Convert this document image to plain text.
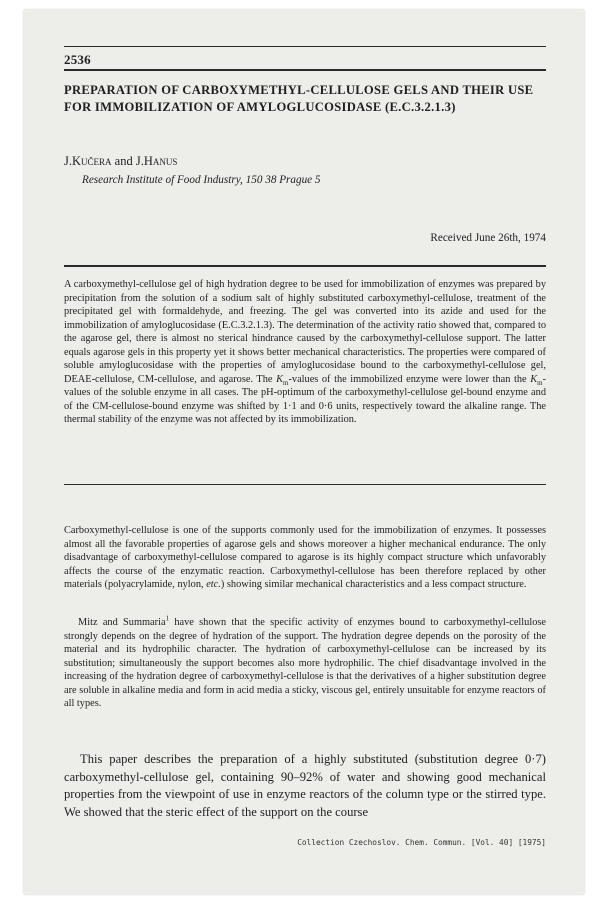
2536
PREPARATION OF CARBOXYMETHYL-CELLULOSE GELS AND THEIR USE FOR IMMOBILIZATION OF AMYLOGLUCOSIDASE (E.C.3.2.1.3)
J.Kučera and J.Hanus
Research Institute of Food Industry, 150 38 Prague 5
Received June 26th, 1974

A carboxymethyl-cellulose gel of high hydration degree to be used for immobilization of enzymes was prepared by precipitation from the solution of a sodium salt of highly substituted carboxymethyl-cellulose, treatment of the precipitated gel with formaldehyde, and freezing. The gel was converted into its azide and used for the immobilization of amyloglucosidase (E.C.3.2.1.3). The determination of the activity ratio showed that, compared to the agarose gel, there is almost no sterical hindrance caused by the carboxymethyl-cellulose support. The latter equals agarose gels in this property yet it shows better mechanical characteristics. The properties were compared of soluble amyloglucosidase with the properties of amyloglucosidase bound to the carboxymethyl-cellulose gel, DEAE-cellulose, CM-cellulose, and agarose. The $K_m$-values of the immobilized enzyme were lower than the $K_m$-values of the soluble enzyme in all cases. The pH-optimum of the carboxymethyl-cellulose gel-bound enzyme and of the CM-cellulose-bound enzyme was shifted by 1·1 and 0·6 units, respectively toward the alkaline range. The thermal stability of the enzyme was not affected by its immobilization.

Carboxymethyl-cellulose is one of the supports commonly used for the immobilization of enzymes. It possesses almost all the favorable properties of agarose gels and shows moreover a higher mechanical endurance. The only disadvantage of carboxymethyl-cellulose compared to agarose is its highly compact structure which unfavorably affects the course of the enzymatic reaction. Carboxymethyl-cellulose has been therefore replaced by other materials (polyacrylamide, nylon, etc.) showing similar mechanical characteristics and a less compact structure.

Mitz and Summaria$^1$ have shown that the specific activity of enzymes bound to carboxymethyl-cellulose strongly depends on the degree of hydration of the support. The hydration degree depends on the porosity of the material and its hydrophilic character. The hydration of carboxymethyl-cellulose can be increased by its substitution; simultaneously the support becomes also more hydrophilic. The chief disadvantage involved in the increasing of the hydration degree of carboxymethyl-cellulose is that the derivatives of a higher substitution degree are soluble in alkaline media and form in acid media a sticky, viscous gel, entirely unsuitable for enzyme reactors of all types.

This paper describes the preparation of a highly substituted (substitution degree 0·7) carboxymethyl-cellulose gel, containing 90–92% of water and showing good mechanical properties from the viewpoint of use in enzyme reactors of the column type or the stirred type. We showed that the steric effect of the support on the course

Collection Czechoslov. Chem. Commun. [Vol. 40] [1975]
